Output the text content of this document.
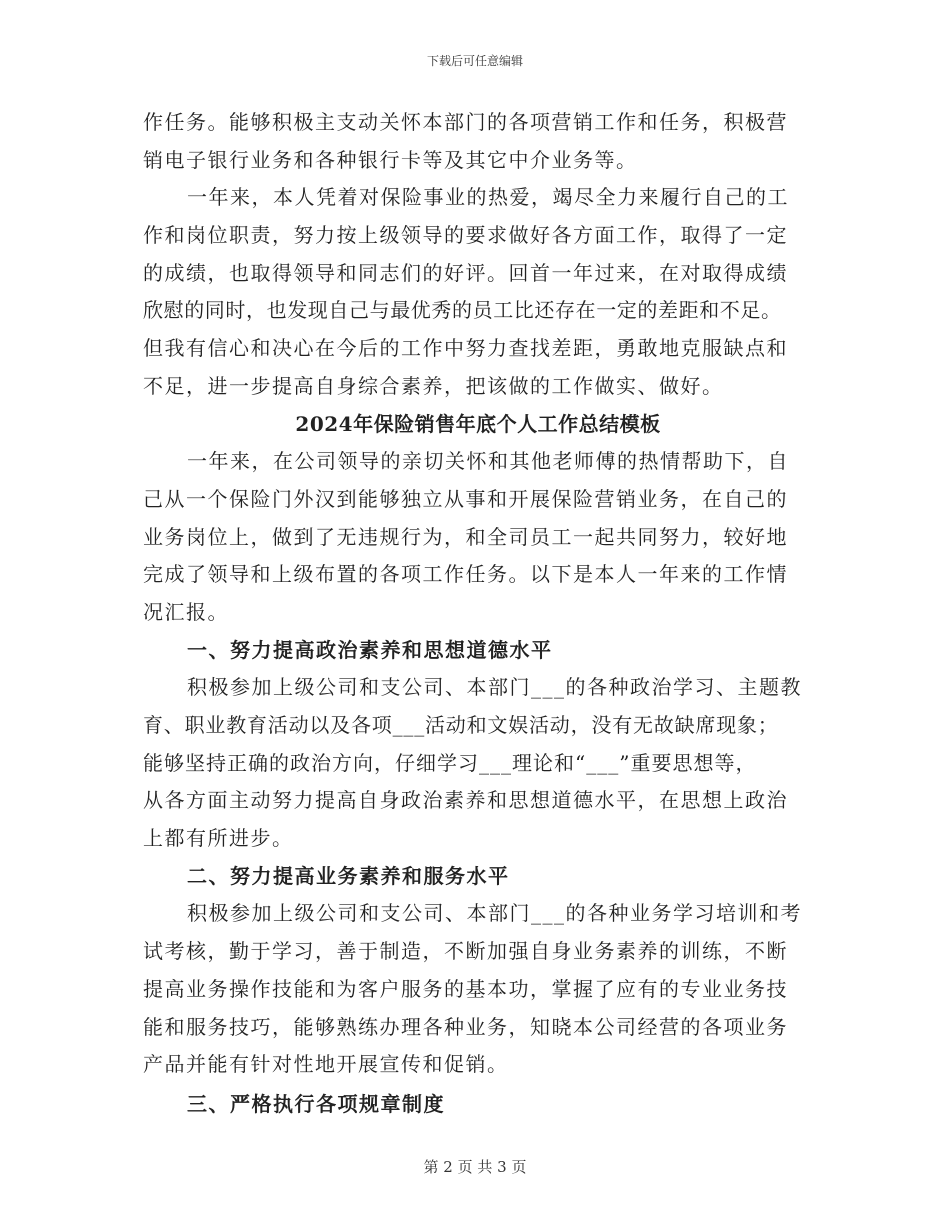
下载后可任意编辑
作任务。能够积极主支动关怀本部门的各项营销工作和任务，积极营
销电子银行业务和各种银行卡等及其它中介业务等。
一年来，本人凭着对保险事业的热爱，竭尽全力来履行自己的工
作和岗位职责，努力按上级领导的要求做好各方面工作，取得了一定
的成绩，也取得领导和同志们的好评。回首一年过来，在对取得成绩
欣慰的同时，也发现自己与最优秀的员工比还存在一定的差距和不足。
但我有信心和决心在今后的工作中努力查找差距，勇敢地克服缺点和
不足，进一步提高自身综合素养，把该做的工作做实、做好。
2024年保险销售年底个人工作总结模板
一年来，在公司领导的亲切关怀和其他老师傅的热情帮助下，自
己从一个保险门外汉到能够独立从事和开展保险营销业务，在自己的
业务岗位上，做到了无违规行为，和全司员工一起共同努力，较好地
完成了领导和上级布置的各项工作任务。以下是本人一年来的工作情
况汇报。
一、努力提高政治素养和思想道德水平
积极参加上级公司和支公司、本部门___的各种政治学习、主题教
育、职业教育活动以及各项___活动和文娱活动，没有无故缺席现象；
能够坚持正确的政治方向，仔细学习___理论和“___”重要思想等，
从各方面主动努力提高自身政治素养和思想道德水平，在思想上政治
上都有所进步。
二、努力提高业务素养和服务水平
积极参加上级公司和支公司、本部门___的各种业务学习培训和考
试考核，勤于学习，善于制造，不断加强自身业务素养的训练，不断
提高业务操作技能和为客户服务的基本功，掌握了应有的专业业务技
能和服务技巧，能够熟练办理各种业务，知晓本公司经营的各项业务
产品并能有针对性地开展宣传和促销。
三、严格执行各项规章制度
第 2 页 共 3 页
